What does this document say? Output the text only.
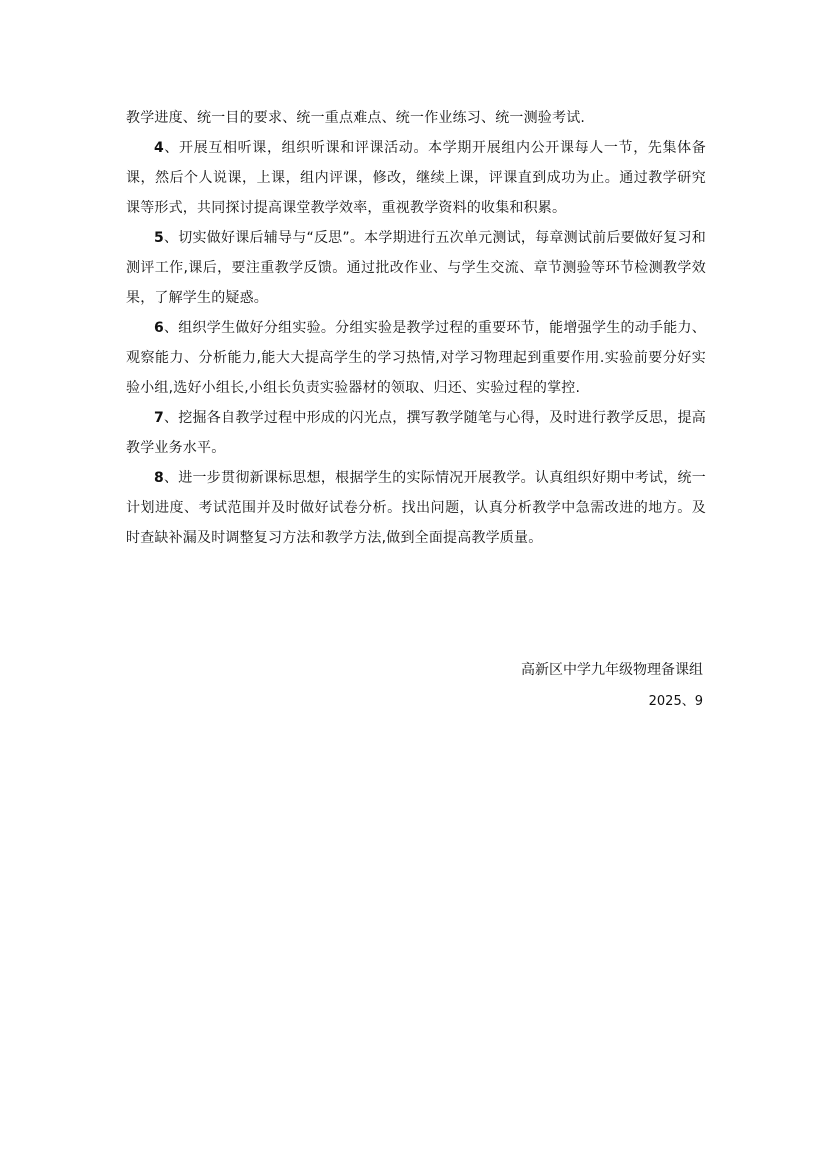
教学进度、统一目的要求、统一重点难点、统一作业练习、统一测验考试.

4、开展互相听课，组织听课和评课活动。本学期开展组内公开课每人一节，先集体备课，然后个人说课，上课，组内评课，修改，继续上课，评课直到成功为止。通过教学研究课等形式，共同探讨提高课堂教学效率，重视教学资料的收集和积累。

5、切实做好课后辅导与“反思”。本学期进行五次单元测试，每章测试前后要做好复习和测评工作,课后，要注重教学反馈。通过批改作业、与学生交流、章节测验等环节检测教学效果，了解学生的疑惑。

6、组织学生做好分组实验。分组实验是教学过程的重要环节，能增强学生的动手能力、观察能力、分析能力,能大大提高学生的学习热情,对学习物理起到重要作用.实验前要分好实验小组,选好小组长,小组长负责实验器材的领取、归还、实验过程的掌控.

7、挖掘各自教学过程中形成的闪光点，撰写教学随笔与心得，及时进行教学反思，提高教学业务水平。

8、进一步贯彻新课标思想，根据学生的实际情况开展教学。认真组织好期中考试，统一计划进度、考试范围并及时做好试卷分析。找出问题，认真分析教学中急需改进的地方。及时查缺补漏及时调整复习方法和教学方法,做到全面提高教学质量。

高新区中学九年级物理备课组
2025、9
